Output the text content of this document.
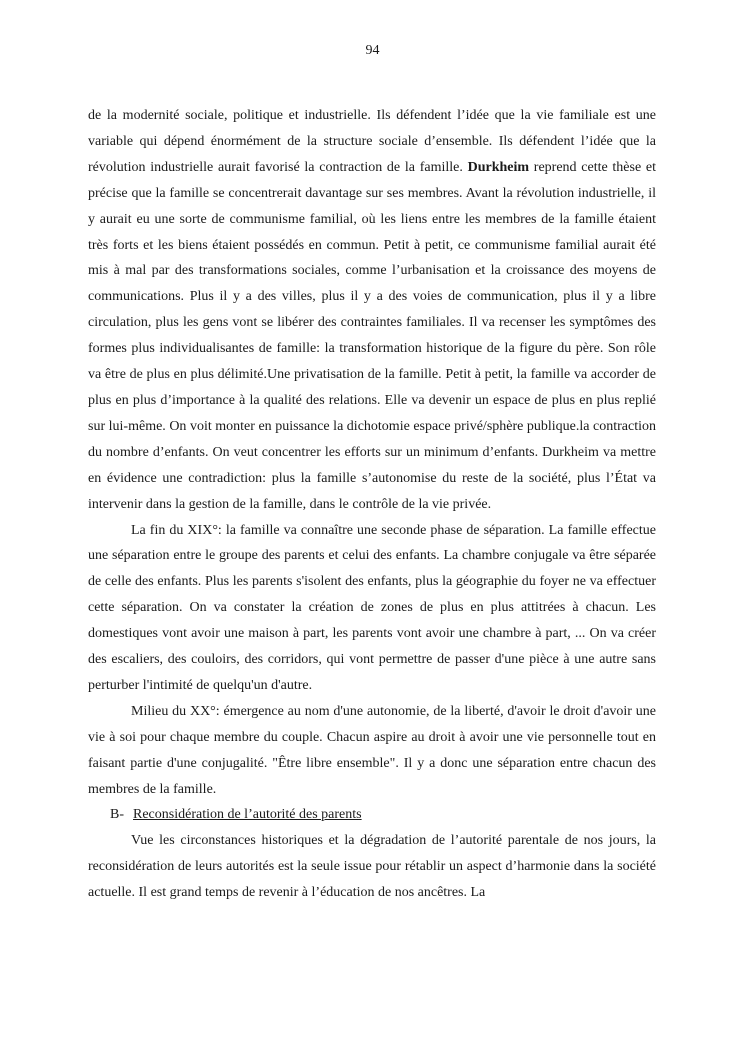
94

de la modernité sociale, politique et industrielle. Ils défendent l’idée que la vie familiale est une variable qui dépend énormément de la structure sociale d’ensemble. Ils défendent l’idée que la révolution industrielle aurait favorisé la contraction de la famille. Durkheim reprend cette thèse et précise que la famille se concentrerait davantage sur ses membres. Avant la révolution industrielle, il y aurait eu une sorte de communisme familial, où les liens entre les membres de la famille étaient très forts et les biens étaient possédés en commun. Petit à petit, ce communisme familial aurait été mis à mal par des transformations sociales, comme l’urbanisation et la croissance des moyens de communications. Plus il y a des villes, plus il y a des voies de communication, plus il y a libre circulation, plus les gens vont se libérer des contraintes familiales. Il va recenser les symptômes des formes plus individualisantes de famille: la transformation historique de la figure du père. Son rôle va être de plus en plus délimité.Une privatisation de la famille. Petit à petit, la famille va accorder de plus en plus d’importance à la qualité des relations. Elle va devenir un espace de plus en plus replié sur lui-même. On voit monter en puissance la dichotomie espace privé/sphère publique.la contraction du nombre d’enfants. On veut concentrer les efforts sur un minimum d’enfants. Durkheim va mettre en évidence une contradiction: plus la famille s’autonomise du reste de la société, plus l’État va intervenir dans la gestion de la famille, dans le contrôle de la vie privée.

La fin du XIX°: la famille va connaître une seconde phase de séparation. La famille effectue une séparation entre le groupe des parents et celui des enfants. La chambre conjugale va être séparée de celle des enfants. Plus les parents s'isolent des enfants, plus la géographie du foyer ne va effectuer cette séparation. On va constater la création de zones de plus en plus attitrées à chacun. Les domestiques vont avoir une maison à part, les parents vont avoir une chambre à part, ... On va créer des escaliers, des couloirs, des corridors, qui vont permettre de passer d'une pièce à une autre sans perturber l'intimité de quelqu'un d'autre.

Milieu du XX°: émergence au nom d'une autonomie, de la liberté, d'avoir le droit d'avoir une vie à soi pour chaque membre du couple. Chacun aspire au droit à avoir une vie personnelle tout en faisant partie d'une conjugalité. "Être libre ensemble". Il y a donc une séparation entre chacun des membres de la famille.

B- Reconsidération de l’autorité des parents

Vue les circonstances historiques et la dégradation de l’autorité parentale de nos jours, la reconsidération de leurs autorités est la seule issue pour rétablir un aspect d’harmonie dans la société actuelle. Il est grand temps de revenir à l’éducation de nos ancêtres. La
